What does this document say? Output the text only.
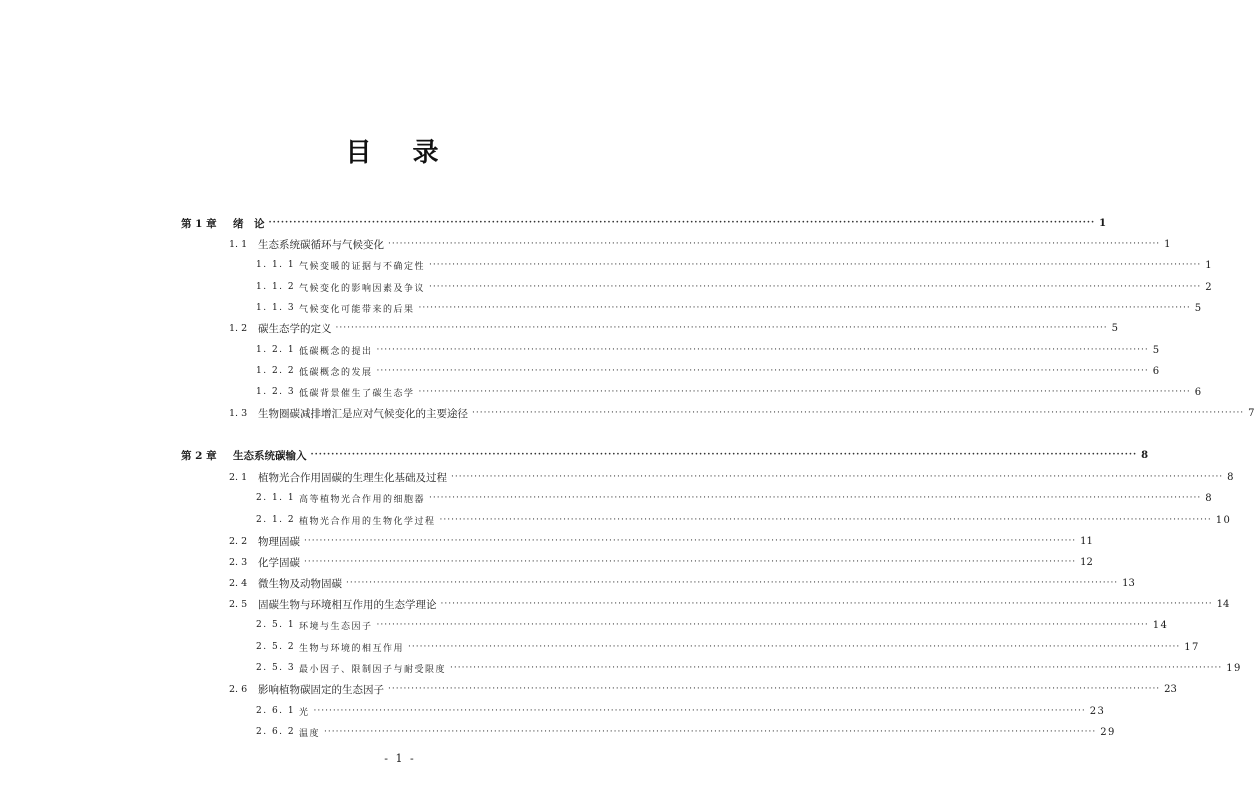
目 录
第 1 章	绪　论 ········································································································································································································ 1
1. 1	生态系统碳循环与气候变化 ········································································································································································································ 1
1. 1. 1 气候变暖的证据与不确定性 ········································································································································································································ 1
1. 1. 2 气候变化的影响因素及争议 ········································································································································································································ 2
1. 1. 3 气候变化可能带来的后果 ········································································································································································································ 5
1. 2	碳生态学的定义 ········································································································································································································ 5
1. 2. 1 低碳概念的提出 ········································································································································································································ 5
1. 2. 2 低碳概念的发展 ········································································································································································································ 6
1. 2. 3 低碳背景催生了碳生态学 ········································································································································································································ 6
1. 3	生物圈碳减排增汇是应对气候变化的主要途径 ········································································································································································································ 7
第 2 章	生态系统碳输入 ········································································································································································································ 8
2. 1	植物光合作用固碳的生理生化基础及过程 ········································································································································································································ 8
2. 1. 1 高等植物光合作用的细胞器 ········································································································································································································ 8
2. 1. 2 植物光合作用的生物化学过程 ········································································································································································································ 10
2. 2	物理固碳 ········································································································································································································ 11
2. 3	化学固碳 ········································································································································································································ 12
2. 4	微生物及动物固碳 ········································································································································································································ 13
2. 5	固碳生物与环境相互作用的生态学理论 ········································································································································································································ 14
2. 5. 1 环境与生态因子 ········································································································································································································ 14
2. 5. 2 生物与环境的相互作用 ········································································································································································································ 17
2. 5. 3 最小因子、限制因子与耐受限度 ········································································································································································································ 19
2. 6	影响植物碳固定的生态因子 ········································································································································································································ 23
2. 6. 1 光 ········································································································································································································ 23
2. 6. 2 温度 ········································································································································································································ 29
- 1 -
